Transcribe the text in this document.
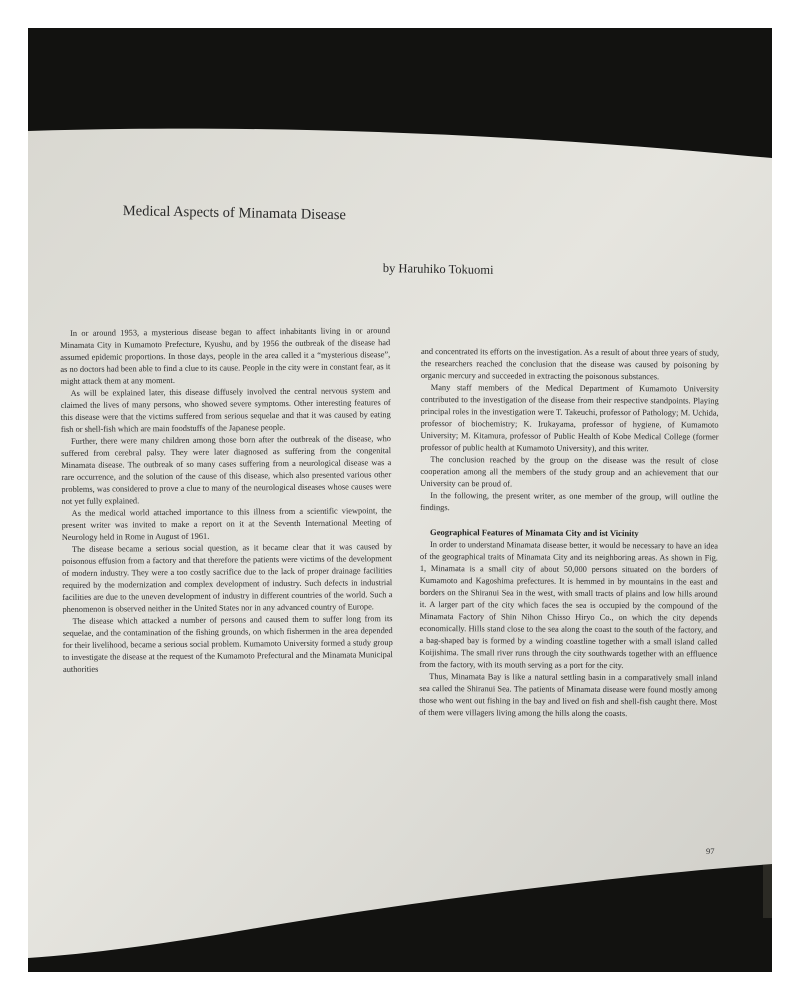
Medical Aspects of Minamata Disease
by Haruhiko Tokuomi

In or around 1953, a mysterious disease began to affect inhabitants living in or around Minamata City in Kumamoto Prefecture, Kyushu, and by 1956 the outbreak of the disease had assumed epidemic proportions. In those days, people in the area called it a “mysterious disease”, as no doctors had been able to find a clue to its cause. People in the city were in constant fear, as it might attack them at any moment.

As will be explained later, this disease diffusely involved the central nervous system and claimed the lives of many persons, who showed severe symptoms. Other interesting features of this disease were that the victims suffered from serious sequelae and that it was caused by eating fish or shell-fish which are main foodstuffs of the Japanese people.

Further, there were many children among those born after the outbreak of the disease, who suffered from cerebral palsy. They were later diagnosed as suffering from the congenital Minamata disease. The outbreak of so many cases suffering from a neurological disease was a rare occurrence, and the solution of the cause of this disease, which also presented various other problems, was considered to prove a clue to many of the neurological diseases whose causes were not yet fully explained.

As the medical world attached importance to this illness from a scientific viewpoint, the present writer was invited to make a report on it at the Seventh International Meeting of Neurology held in Rome in August of 1961.

The disease became a serious social question, as it became clear that it was caused by poisonous effusion from a factory and that therefore the patients were victims of the development of modern industry. They were a too costly sacrifice due to the lack of proper drainage facilities required by the modernization and complex development of industry. Such defects in industrial facilities are due to the uneven development of industry in different countries of the world. Such a phenomenon is observed neither in the United States nor in any advanced country of Europe.

The disease which attacked a number of persons and caused them to suffer long from its sequelae, and the contamination of the fishing grounds, on which fishermen in the area depended for their livelihood, became a serious social problem. Kumamoto University formed a study group to investigate the disease at the request of the Kumamoto Prefectural and the Minamata Municipal authorities

and concentrated its efforts on the investigation. As a result of about three years of study, the researchers reached the conclusion that the disease was caused by poisoning by organic mercury and succeeded in extracting the poisonous substances.

Many staff members of the Medical Department of Kumamoto University contributed to the investigation of the disease from their respective standpoints. Playing principal roles in the investigation were T. Takeuchi, professor of Pathology; M. Uchida, professor of biochemistry; K. Irukayama, professor of hygiene, of Kumamoto University; M. Kitamura, professor of Public Health of Kobe Medical College (former professor of public health at Kumamoto University), and this writer.

The conclusion reached by the group on the disease was the result of close cooperation among all the members of the study group and an achievement that our University can be proud of.

In the following, the present writer, as one member of the group, will outline the findings.

Geographical Features of Minamata City and ist Vicinity

In order to understand Minamata disease better, it would be necessary to have an idea of the geographical traits of Minamata City and its neighboring areas. As shown in Fig. 1, Minamata is a small city of about 50,000 persons situated on the borders of Kumamoto and Kagoshima prefectures. It is hemmed in by mountains in the east and borders on the Shiranui Sea in the west, with small tracts of plains and low hills around it. A larger part of the city which faces the sea is occupied by the compound of the Minamata Factory of Shin Nihon Chisso Hiryo Co., on which the city depends economically. Hills stand close to the sea along the coast to the south of the factory, and a bag-shaped bay is formed by a winding coastline together with a small island called Koijishima. The small river runs through the city southwards together with an effluence from the factory, with its mouth serving as a port for the city.

Thus, Minamata Bay is like a natural settling basin in a comparatively small inland sea called the Shiranui Sea. The patients of Minamata disease were found mostly among those who went out fishing in the bay and lived on fish and shell-fish caught there. Most of them were villagers living among the hills along the coasts.

97
